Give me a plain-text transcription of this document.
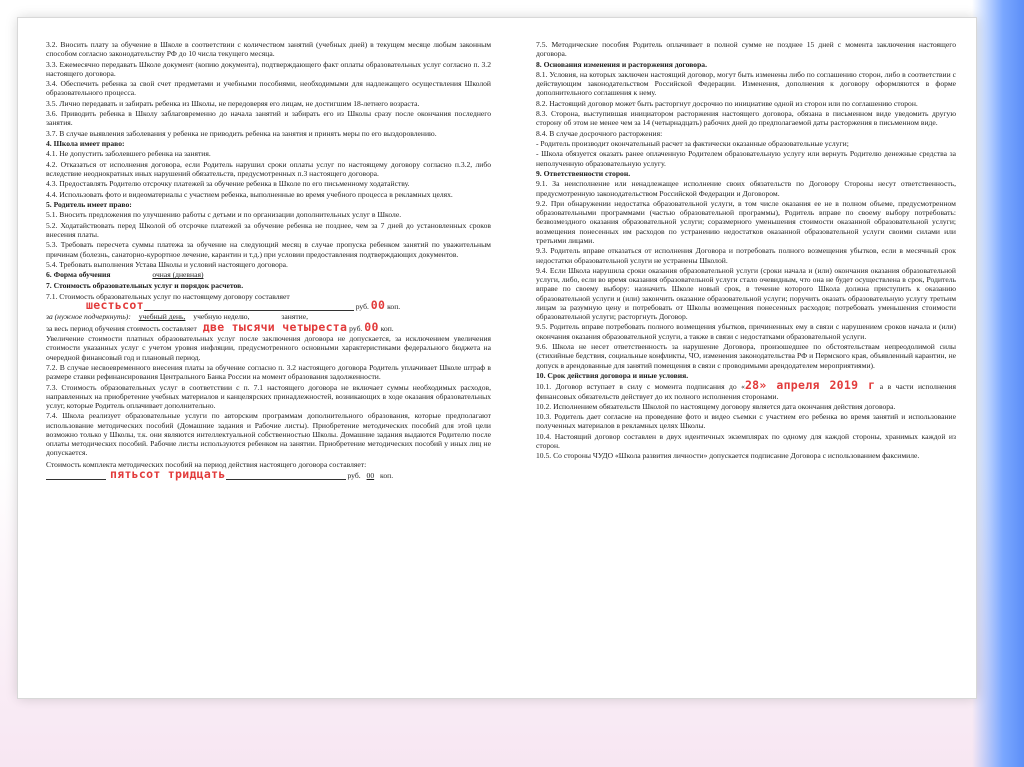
3.2. Вносить плату за обучение в Школе в соответствии с количеством занятий (учебных дней) в текущем месяце любым законным способом согласно законодательству РФ до 10 числа текущего месяца.

3.3. Ежемесячно передавать Школе документ (копию документа), подтверждающего факт оплаты образовательных услуг согласно п. 3.2 настоящего договора.

3.4. Обеспечить ребенка за свой счет предметами и учебными пособиями, необходимыми для надлежащего осуществления Школой образовательного процесса.

3.5. Лично передавать и забирать ребенка из Школы, не передоверяя его лицам, не достигшим 18-летнего возраста.

3.6. Приводить ребенка в Школу заблаговременно до начала занятий и забирать его из Школы сразу после окончания последнего занятия.

3.7. В случае выявления заболевания у ребенка не приводить ребенка на занятия и принять меры по его выздоровлению.

4. Школа имеет право:

4.1. Не допустить заболевшего ребенка на занятия.

4.2. Отказаться от исполнения договора, если Родитель нарушил сроки оплаты услуг по настоящему договору согласно п.3.2, либо вследствие неоднократных иных нарушений обязательств, предусмотренных п.3 настоящего договора.

4.3. Предоставлять Родителю отсрочку платежей за обучение ребенка в Школе по его письменному ходатайству.

4.4. Использовать фото и видеоматериалы с участием ребенка, выполненные во время учебного процесса в рекламных целях.

5. Родитель имеет право:

5.1. Вносить предложения по улучшению работы с детьми и по организации дополнительных услуг в Школе.

5.2. Ходатайствовать перед Школой об отсрочке платежей за обучение ребенка не позднее, чем за 7 дней до установленных сроков внесения платы.

5.3. Требовать пересчета суммы платежа за обучение на следующий месяц в случае пропуска ребенком занятий по уважительным причинам (болезнь, санаторно-курортное лечение, карантин и т.д.) при условии предоставления подтверждающих документов.

5.4. Требовать выполнения Устава Школы и условий настоящего договора.

6. Форма обучения	очная (дневная)

7. Стоимость образовательных услуг и порядок расчетов.

7.1. Стоимость образовательных услуг по настоящему договору составляет
шестьсот	руб. 00 коп.

за (нужное подчеркнуть): учебный день, учебную неделю,	занятие,

за весь период обучения стоимость составляет две тысячи четыреста руб. 00 коп.

Увеличение стоимости платных образовательных услуг после заключения договора не допускается, за исключением увеличения стоимости указанных услуг с учетом уровня инфляции, предусмотренного основными характеристиками федерального бюджета на очередной финансовый год и плановый период.

7.2. В случае несвоевременного внесения платы за обучение согласно п. 3.2 настоящего договора Родитель уплачивает Школе штраф в размере ставки рефинансирования Центрального Банка России на момент образования задолженности.

7.3. Стоимость образовательных услуг в соответствии с п. 7.1 настоящего договора не включает суммы необходимых расходов, направленных на приобретение учебных материалов и канцелярских принадлежностей, возникающих в ходе оказания образовательных услуг, которые Родитель оплачивает дополнительно.

7.4. Школа реализует образовательные услуги по авторским программам дополнительного образования, которые предполагают использование методических пособий (Домашние задания и Рабочие листы). Приобретение методических пособий для этой цели возможно только у Школы, т.к. они являются интеллектуальной собственностью Школы. Домашние задания выдаются Родителю после оплаты методических пособий. Рабочие листы используются ребенком на занятии. Приобретение методических пособий у иных лиц не допускается.

Стоимость комплекта методических пособий на период действия настоящего договора составляет:

пятьсот тридцать	руб. 00 коп.

7.5. Методические пособия Родитель оплачивает в полной сумме не позднее 15 дней с момента заключения настоящего договора.

8. Основания изменения и расторжения договора.

8.1. Условия, на которых заключен настоящий договор, могут быть изменены либо по соглашению сторон, либо в соответствии с действующим законодательством Российской Федерации. Изменения, дополнения к договору оформляются в форме дополнительного соглашения к нему.

8.2. Настоящий договор может быть расторгнут досрочно по инициативе одной из сторон или по соглашению сторон.

8.3. Сторона, выступившая инициатором расторжения настоящего договора, обязана в письменном виде уведомить другую сторону об этом не менее чем за 14 (четырнадцать) рабочих дней до предполагаемой даты расторжения в письменном виде.

8.4. В случае досрочного расторжения:

- Родитель производит окончательный расчет за фактически оказанные образовательные услуги;

- Школа обязуется оказать ранее оплаченную Родителем образовательную услугу или вернуть Родителю денежные средства за неполученную образовательную услугу.

9. Ответственности сторон.

9.1. За неисполнение или ненадлежащее исполнение своих обязательств по Договору Стороны несут ответственность, предусмотренную законодательством Российской Федерации и Договором.

9.2. При обнаружении недостатка образовательной услуги, в том числе оказания ее не в полном объеме, предусмотренном образовательными программами (частью образовательной программы), Родитель вправе по своему выбору потребовать: безвозмездного оказания образовательной услуги; соразмерного уменьшения стоимости оказанной образовательной услуги; возмещения понесенных им расходов по устранению недостатков оказанной образовательной услуги своими силами или третьими лицами.

9.3. Родитель вправе отказаться от исполнения Договора и потребовать полного возмещения убытков, если в месячный срок недостатки образовательной услуги не устранены Школой.

9.4. Если Школа нарушила сроки оказания образовательной услуги (сроки начала и (или) окончания оказания образовательной услуги, либо, если во время оказания образовательной услуги стало очевидным, что она не будет осуществлена в срок, Родитель вправе по своему выбору: назначить Школе новый срок, в течение которого Школа должна приступить к оказанию образовательной услуги и (или) закончить оказание образовательной услуги; поручить оказать образовательную услугу третьим лицам за разумную цену и потребовать от Школы возмещения понесенных расходов; потребовать уменьшения стоимости образовательной услуги; расторгнуть Договор.

9.5. Родитель вправе потребовать полного возмещения убытков, причиненных ему в связи с нарушением сроков начала и (или) окончания оказания образовательной услуги, а также в связи с недостатками образовательной услуги.

9.6. Школа не несет ответственность за нарушение Договора, произошедшее по обстоятельствам непреодолимой силы (стихийные бедствия, социальные конфликты, ЧО, изменения законодательства РФ и Пермского края, объявленный карантин, не допуск в арендованные для занятий помещения в связи с проводимыми арендодателем мероприятиями).

10. Срок действия договора и иные условия.

10.1. Договор вступает в силу с момента подписания до «28» апреля 2019 г а в части исполнения финансовых обязательств действует до их полного исполнения сторонами.

10.2. Исполнением обязательств Школой по настоящему договору является дата окончания действия договора.

10.3. Родитель дает согласие на проведение фото и видео съемки с участием его ребенка во время занятий и использование полученных материалов в рекламных целях Школы.

10.4. Настоящий договор составлен в двух идентичных экземплярах по одному для каждой стороны, хранимых каждой из сторон.

10.5. Со стороны ЧУДО «Школа развития личности» допускается подписание Договора с использованием факсимиле.
